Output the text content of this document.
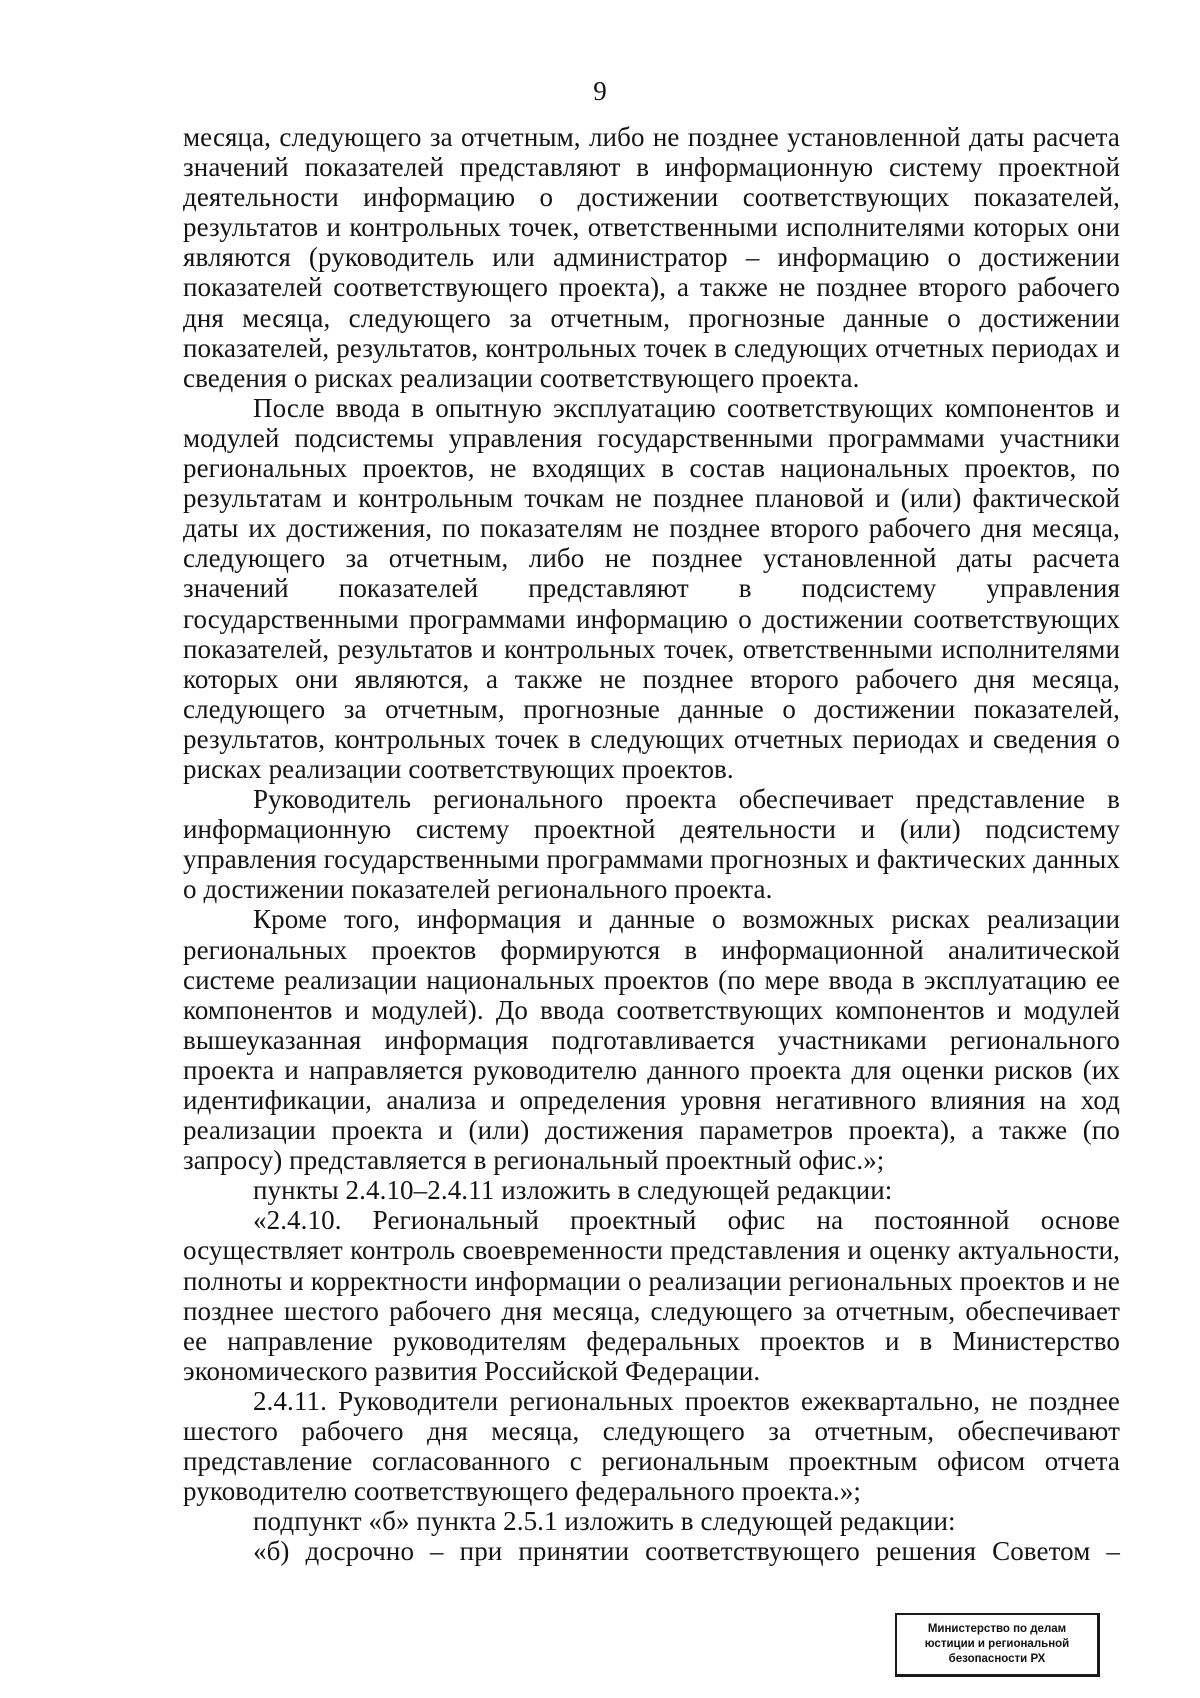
9

месяца, следующего за отчетным, либо не позднее установленной даты расчета значений показателей представляют в информационную систему проектной деятельности информацию о достижении соответствующих показателей, результатов и контрольных точек, ответственными исполнителями которых они являются (руководитель или администратор – информацию о достижении показателей соответствующего проекта), а также не позднее второго рабочего дня месяца, следующего за отчетным, прогнозные данные о достижении показателей, результатов, контрольных точек в следующих отчетных периодах и сведения о рисках реализации соответствующего проекта.

После ввода в опытную эксплуатацию соответствующих компонентов и модулей подсистемы управления государственными программами участники региональных проектов, не входящих в состав национальных проектов, по результатам и контрольным точкам не позднее плановой и (или) фактической даты их достижения, по показателям не позднее второго рабочего дня месяца, следующего за отчетным, либо не позднее установленной даты расчета значений показателей представляют в подсистему управления государственными программами информацию о достижении соответствующих показателей, результатов и контрольных точек, ответственными исполнителями которых они являются, а также не позднее второго рабочего дня месяца, следующего за отчетным, прогнозные данные о достижении показателей, результатов, контрольных точек в следующих отчетных периодах и сведения о рисках реализации соответствующих проектов.

Руководитель регионального проекта обеспечивает представление в информационную систему проектной деятельности и (или) подсистему управления государственными программами прогнозных и фактических данных о достижении показателей регионального проекта.

Кроме того, информация и данные о возможных рисках реализации региональных проектов формируются в информационной аналитической системе реализации национальных проектов (по мере ввода в эксплуатацию ее компонентов и модулей). До ввода соответствующих компонентов и модулей вышеуказанная информация подготавливается участниками регионального проекта и направляется руководителю данного проекта для оценки рисков (их идентификации, анализа и определения уровня негативного влияния на ход реализации проекта и (или) достижения параметров проекта), а также (по запросу) представляется в региональный проектный офис.»;

пункты 2.4.10–2.4.11 изложить в следующей редакции:

«2.4.10. Региональный проектный офис на постоянной основе осуществляет контроль своевременности представления и оценку актуальности, полноты и корректности информации о реализации региональных проектов и не позднее шестого рабочего дня месяца, следующего за отчетным, обеспечивает ее направление руководителям федеральных проектов и в Министерство экономического развития Российской Федерации.

2.4.11. Руководители региональных проектов ежеквартально, не позднее шестого рабочего дня месяца, следующего за отчетным, обеспечивают представление согласованного с региональным проектным офисом отчета руководителю соответствующего федерального проекта.»;

подпункт «б» пункта 2.5.1 изложить в следующей редакции:

«б) досрочно – при принятии соответствующего решения Советом –

Министерство по делам
юстиции и региональной
безопасности РХ
